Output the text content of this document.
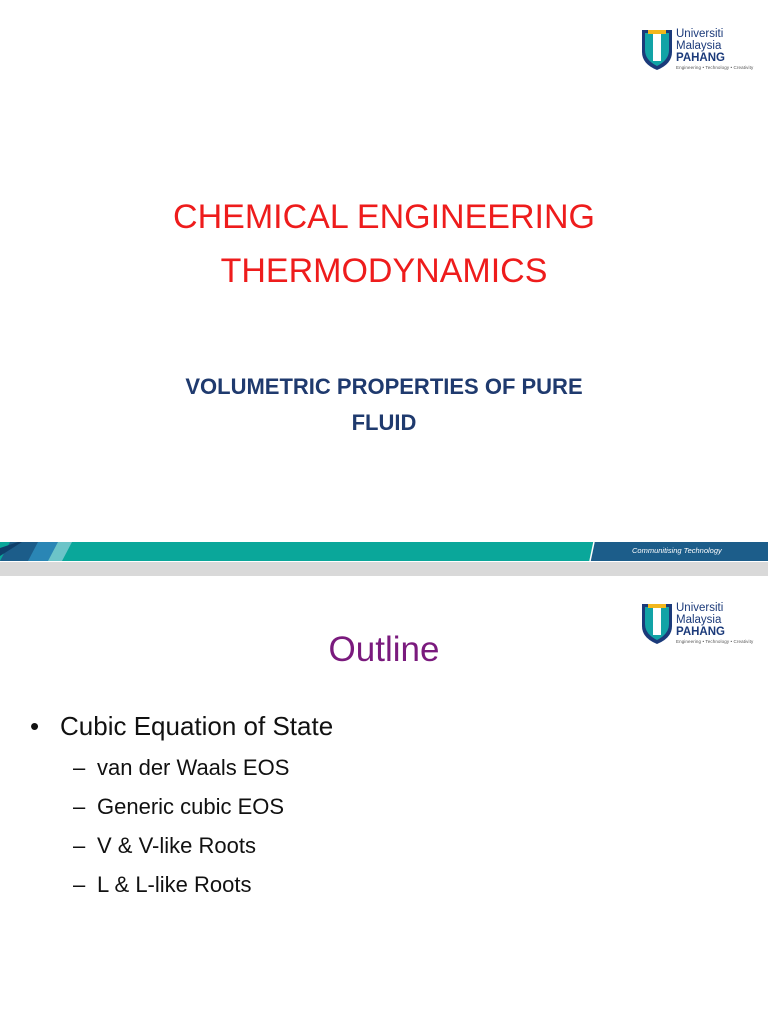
Universiti
Malaysia
PAHANG
Engineering • Technology • Creativity
CHEMICAL ENGINEERING
THERMODYNAMICS
VOLUMETRIC PROPERTIES OF PURE
FLUID
Communitising Technology
Universiti
Malaysia
PAHANG
Engineering • Technology • Creativity
Outline
• Cubic Equation of State
– van der Waals EOS
– Generic cubic EOS
– V & V-like Roots
– L & L-like Roots
